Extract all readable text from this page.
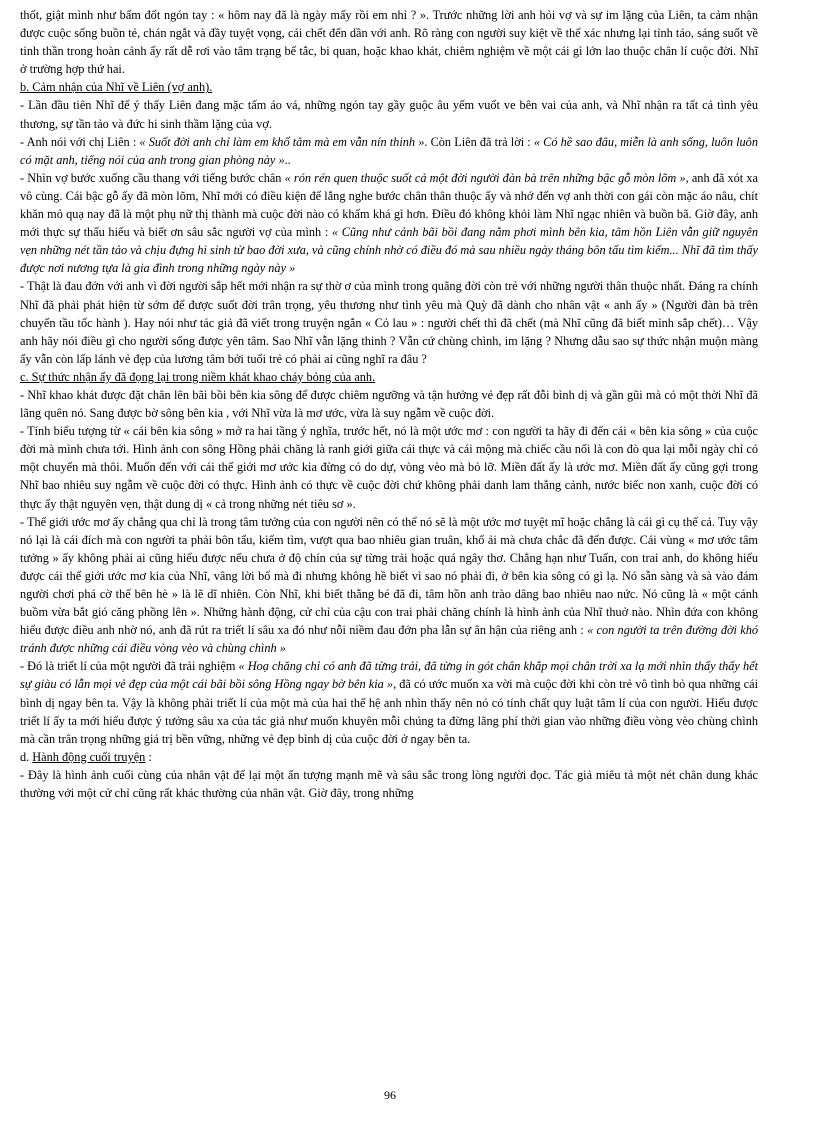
thốt, giật mình như bấm đốt ngón tay : « hôm nay đã là ngày mấy rồi em nhỉ ? ». Trước những lời anh hỏi vợ và sự im lặng của Liên, ta cảm nhận được cuộc sống buồn tẻ, chán ngắt và đầy tuyệt vọng, cái chết đến dần với anh. Rõ ràng con người suy kiệt về thể xác nhưng lại tỉnh táo, sáng suốt về tinh thần trong hoàn cảnh ấy rất dễ rơi vào tâm trạng bế tắc, bi quan, hoặc khao khát, chiêm nghiệm về một cái gì lớn lao thuộc chân lí cuộc đời. Nhĩ ở trường hợp thứ hai.

b. Cảm nhận của Nhĩ về Liên (vợ anh).

- Lần đầu tiên Nhĩ để ý thấy Liên đang mặc tấm áo vá, những ngón tay gầy guộc âu yếm vuốt ve bên vai của anh, và Nhĩ nhận ra tất cả tình yêu thương, sự tần tảo và đức hi sinh thầm lặng của vợ.

- Anh nói với chị Liên : « Suốt đời anh chỉ làm em khổ tâm mà em vẫn nín thinh ». Còn Liên đã trả lời : « Có hề sao đâu, miễn là anh sống, luôn luôn có mặt anh, tiếng nói của anh trong gian phòng này »..

- Nhìn vợ bước xuống cầu thang với tiếng bước chân « rón rén quen thuộc suốt cả một đời người đàn bà trên những bậc gỗ mòn lõm », anh đã xót xa vô cùng. Cái bậc gỗ ấy đã mòn lõm, Nhĩ mới có điều kiện để lắng nghe bước chân thân thuộc ấy và nhớ đến vợ anh thời con gái còn mặc áo nâu, chít khăn mỏ quạ nay đã là một phụ nữ thị thành mà cuộc đời nào có khấm khá gì hơn. Điều đó không khỏi làm Nhĩ ngạc nhiên và buồn bã. Giờ đây, anh mới thực sự thấu hiểu và biết ơn sâu sắc người vợ của mình : « Cũng như cảnh bãi bồi đang nằm phơi mình bên kia, tâm hồn Liên vẫn giữ nguyên vẹn những nét tần tảo và chịu đựng hi sinh từ bao đời xưa, và cũng chính nhờ có điều đó mà sau nhiều ngày tháng bôn tẩu tìm kiếm... Nhĩ đã tìm thấy được nơi nương tựa là gia đình trong những ngày này »

- Thật là đau đớn với anh vì đời người sắp hết mới nhận ra sự thờ ơ của mình trong quãng đời còn trẻ với những người thân thuộc nhất. Đáng ra chính Nhĩ đã phải phát hiện từ sớm để được suốt đời trân trọng, yêu thương như tình yêu mà Quỳ đã dành cho nhân vật « anh ấy » (Người đàn bà trên chuyến tầu tốc hành ). Hay nói như tác giả đã viết trong truyện ngắn « Cỏ lau » : người chết thì đã chết (mà Nhĩ cũng đã biết mình sắp chết)… Vậy anh hãy nói điều gì cho người sống được yên tâm. Sao Nhĩ vẫn lặng thinh ? Vẫn cứ chùng chình, im lặng ? Nhưng dẫu sao sự thức nhận muộn màng ấy vẫn còn lấp lánh vẻ đẹp của lương tâm bởi tuổi trẻ có phải ai cũng nghĩ ra đâu ?

c. Sự thức nhận ấy đã đọng lại trong niềm khát khao cháy bỏng của anh.

- Nhĩ khao khát được đặt chân lên bãi bồi bên kia sông để được chiêm ngưỡng và tận hưởng vẻ đẹp rất đỗi bình dị và gần gũi mà có một thời Nhĩ đã lãng quên nó. Sang được bờ sông bên kia , với Nhĩ vừa là mơ ước, vừa là suy ngẫm về cuộc đời.

- Tính biểu tượng từ « cái bên kia sông » mở ra hai tầng ý nghĩa, trước hết, nó là một ước mơ : con người ta hãy đi đến cái « bên kia sông » của cuộc đời mà mình chưa tới. Hình ảnh con sông Hồng phải chăng là ranh giới giữa cái thực và cái mộng mà chiếc cầu nối là con đò qua lại mỗi ngày chỉ có một chuyến mà thôi. Muốn đến với cái thế giới mơ ước kia đừng có do dự, vòng vèo mà bỏ lỡ. Miền đất ấy là ước mơ. Miền đất ấy cũng gợi trong Nhĩ bao nhiêu suy ngẫm về cuộc đời có thực. Hình ảnh có thực về cuộc đời chứ không phải danh lam thắng cảnh, nước biếc non xanh, cuộc đời có thực ấy thật nguyên vẹn, thật dung dị « cả trong những nét tiêu sơ ».

- Thế giới ước mơ ấy chẳng qua chỉ là trong tâm tưởng của con người nên có thể nó sẽ là một ước mơ tuyệt mĩ hoặc chẳng là cái gì cụ thể cả. Tuy vậy nó lại là cái đích mà con người ta phải bôn tẩu, kiếm tìm, vượt qua bao nhiêu gian truân, khổ ải mà chưa chắc đã đến được. Cái vùng « mơ ước tâm tưởng » ấy không phải ai cũng hiểu được nếu chưa ở độ chín của sự từng trải hoặc quá ngây thơ. Chẳng hạn như Tuấn, con trai anh, do không hiểu được cái thế giới ước mơ kia của Nhĩ, vâng lời bố mà đi nhưng không hề biết vì sao nó phải đi, ở bên kia sông có gì lạ. Nó sẵn sàng và sà vào đám người chơi phá cờ thế bên hè » là lẽ dĩ nhiên. Còn Nhĩ, khi biết thằng bé đã đi, tâm hồn anh trào dâng bao nhiêu nao nức. Nó cũng là « một cánh buồm vừa bắt gió căng phồng lên ». Những hành động, cử chỉ của cậu con trai phải chăng chính là hình ảnh của Nhĩ thuở nào. Nhìn đứa con không hiểu được điều anh nhờ nó, anh đã rút ra triết lí sâu xa đó như nỗi niềm đau đớn pha lẫn sự ân hận của riêng anh : « con người ta trên đường đời khó tránh được những cái điều vòng vèo và chùng chình »

- Đó là triết lí của một người đã trải nghiệm « Hoạ chăng chỉ có anh đã từng trải, đã từng in gót chân khắp mọi chân trời xa lạ mới nhìn thấy thấy hết sự giàu có lẫn mọi vẻ đẹp của một cái bãi bồi sông Hồng ngay bờ bên kia », đã có ước muốn xa vời mà cuộc đời khi còn trẻ vô tình bỏ qua những cái bình dị ngay bên ta. Vậy là không phải triết lí của một mà của hai thế hệ anh nhìn thấy nên nó có tính chất quy luật tâm lí của con người. Hiểu được triết lí ấy ta mới hiểu được ý tưởng sâu xa của tác giả như muốn khuyên mỗi chúng ta đừng lãng phí thời gian vào những điều vòng vèo chùng chình mà cần trân trọng những giá trị bền vững, những vẻ đẹp bình dị của cuộc đời ở ngay bên ta.

d. Hành động cuối truyện :

- Đây là hình ảnh cuối cùng của nhân vật để lại một ấn tượng mạnh mẽ và sâu sắc trong lòng người đọc. Tác giả miêu tả một nét chân dung khác thường với một cử chỉ cũng rất khác thường của nhân vật. Giờ đây, trong những

96
